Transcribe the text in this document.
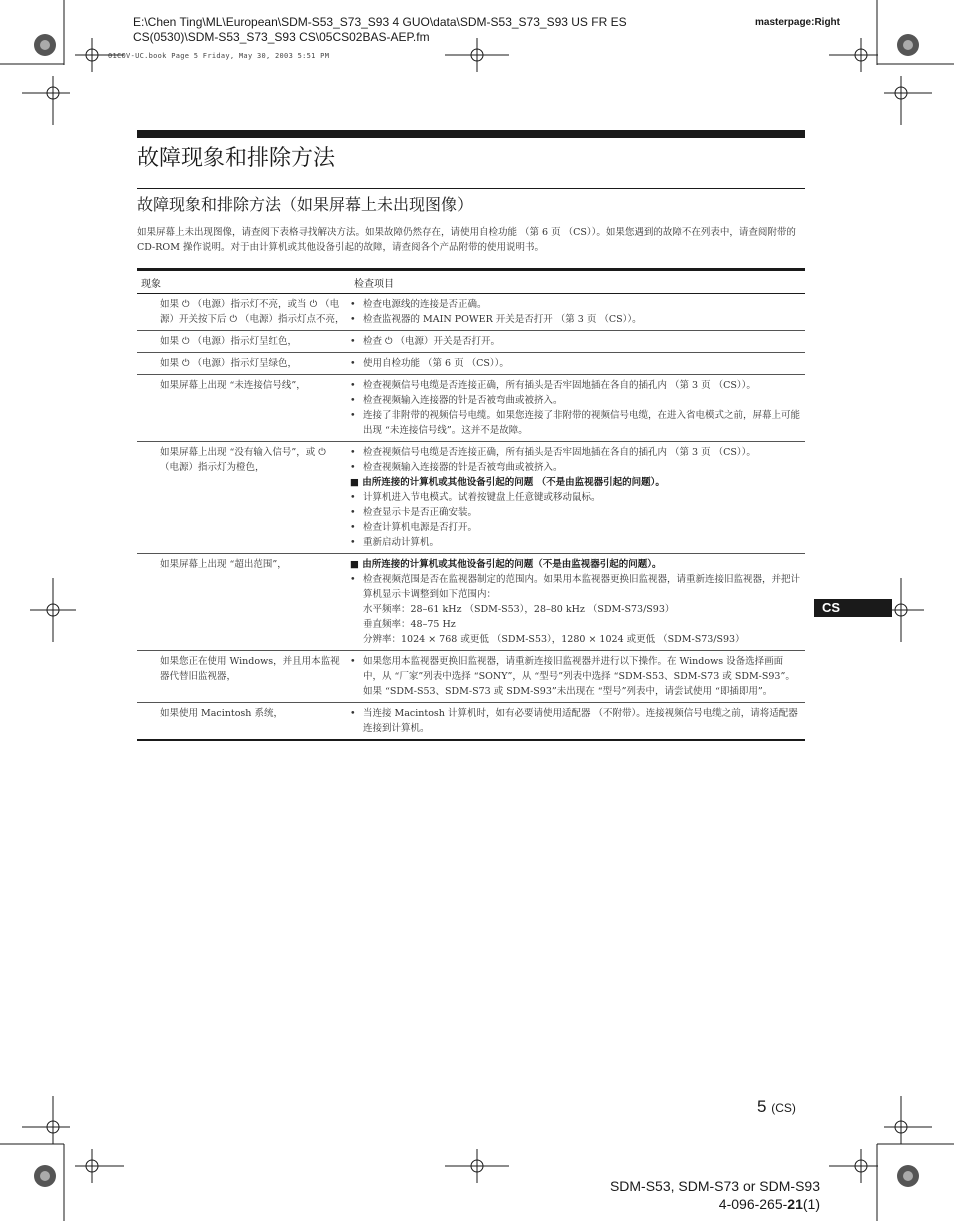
E:\Chen Ting\ML\European\SDM-S53_S73_S93 4 GUO\data\SDM-S53_S73_S93 US FR ES
CS(0530)\SDM-S53_S73_S93 CS\05CS02BAS-AEP.fm
masterpage:Right
01COV-UC.book Page 5 Friday, May 30, 2003 5:51 PM
故障现象和排除方法
故障现象和排除方法（如果屏幕上未出现图像）
如果屏幕上未出现图像，请查阅下表格寻找解决方法。如果故障仍然存在，请使用自检功能 （第 6 页 （CS））。如果您遇到的故障不在列表中，请查阅附带的 CD-ROM 操作说明。对于由计算机或其他设备引起的故障，请查阅各个产品附带的使用说明书。
现象	检查项目
如果 ⏻ （电源）指示灯不亮，或当 ⏻ （电源）开关按下后 ⏻ （电源）指示灯点不亮，
• 检查电源线的连接是否正确。
• 检查监视器的 MAIN POWER 开关是否打开 （第 3 页 （CS））。
如果 ⏻ （电源）指示灯呈红色，	• 检查 ⏻ （电源）开关是否打开。
如果 ⏻ （电源）指示灯呈绿色，	• 使用自检功能 （第 6 页 （CS））。
如果屏幕上出现 “未连接信号线”，	• 检查视频信号电缆是否连接正确，所有插头是否牢固地插在各自的插孔内 （第 3 页 （CS））。
• 检查视频输入连接器的针是否被弯曲或被挤入。
• 连接了非附带的视频信号电缆。如果您连接了非附带的视频信号电缆，在进入省电模式之前，屏幕上可能出现 “未连接信号线”。这并不是故障。
如果屏幕上出现 “没有输入信号”，或 ⏻ （电源）指示灯为橙色，
• 检查视频信号电缆是否连接正确，所有插头是否牢固地插在各自的插孔内 （第 3 页 （CS））。
• 检查视频输入连接器的针是否被弯曲或被挤入。
■ 由所连接的计算机或其他设备引起的问题 （不是由监视器引起的问题）。
• 计算机进入节电模式。试着按键盘上任意键或移动鼠标。
• 检查显示卡是否正确安装。
• 检查计算机电源是否打开。
• 重新启动计算机。
如果屏幕上出现 “超出范围”，	■ 由所连接的计算机或其他设备引起的问题（不是由监视器引起的问题）。
• 检查视频范围是否在监视器制定的范围内。如果用本监视器更换旧监视器，请重新连接旧监视器，并把计算机显示卡调整到如下范围内：
水平频率：28–61 kHz （SDM-S53），28–80 kHz （SDM-S73/S93）
垂直频率：48–75 Hz
分辨率：1024 × 768 或更低 （SDM-S53），1280 × 1024 或更低 （SDM-S73/S93）
如果您正在使用 Windows，并且用本监视器代替旧监视器，
• 如果您用本监视器更换旧监视器，请重新连接旧监视器并进行以下操作。在 Windows 设备选择画面中，从 “厂家”列表中选择 “SONY”，从 “型号”列表中选择 “SDM-S53、SDM-S73 或 SDM-S93”。如果 “SDM-S53、SDM-S73 或 SDM-S93”未出现在 “型号”列表中，请尝试使用 “即插即用”。
如果使用 Macintosh 系统，	• 当连接 Macintosh 计算机时，如有必要请使用适配器 （不附带）。连接视频信号电缆之前，请将适配器连接到计算机。
CS
5 (CS)
SDM-S53, SDM-S73 or SDM-S93
4-096-265-21(1)
